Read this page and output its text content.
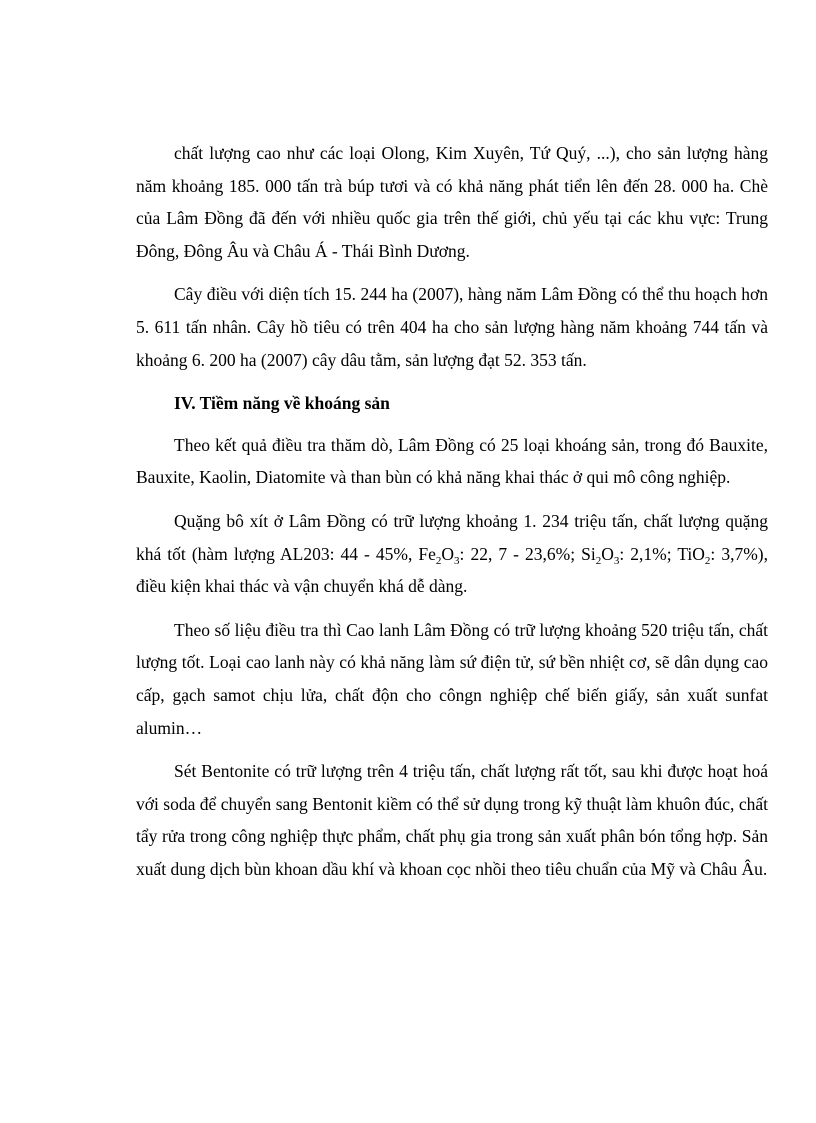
chất lượng cao như các loại Olong, Kim Xuyên, Tứ Quý, ...), cho sản lượng hàng năm khoảng 185. 000 tấn trà búp tươi và có khả năng phát tiển lên đến 28. 000 ha. Chè của Lâm Đồng đã đến với nhiều quốc gia trên thế giới, chủ yếu tại các khu vực: Trung Đông, Đông Âu và Châu Á - Thái Bình Dương.

Cây điều với diện tích 15. 244 ha (2007), hàng năm Lâm Đồng có thể thu hoạch hơn 5. 611 tấn nhân. Cây hồ tiêu có trên 404 ha cho sản lượng hàng năm khoảng 744 tấn và khoảng 6. 200 ha (2007) cây dâu tằm, sản lượng đạt 52. 353 tấn.

IV. Tiềm năng về khoáng sản

Theo kết quả điều tra thăm dò, Lâm Đồng có 25 loại khoáng sản, trong đó Bauxite, Bauxite, Kaolin, Diatomite và than bùn có khả năng khai thác ở qui mô công nghiệp.

Quặng bô xít ở Lâm Đồng có trữ lượng khoảng 1. 234 triệu tấn, chất lượng quặng khá tốt (hàm lượng AL203: 44 - 45%, $Fe_2O_3$: 22, 7 - 23,6%; $Si_2O_3$: 2,1%; TiO$_2$: 3,7%), điều kiện khai thác và vận chuyển khá dễ dàng.

Theo số liệu điều tra thì Cao lanh Lâm Đồng có trữ lượng khoảng 520 triệu tấn, chất lượng tốt. Loại cao lanh này có khả năng làm sứ điện tử, sứ bền nhiệt cơ, sẽ dân dụng cao cấp, gạch samot chịu lửa, chất độn cho côngn nghiệp chế biến giấy, sản xuất sunfat alumin…

Sét Bentonite có trữ lượng trên 4 triệu tấn, chất lượng rất tốt, sau khi được hoạt hoá với soda để chuyển sang Bentonit kiềm có thể sử dụng trong kỹ thuật làm khuôn đúc, chất tẩy rửa trong công nghiệp thực phẩm, chất phụ gia trong sản xuất phân bón tổng hợp. Sản xuất dung dịch bùn khoan dầu khí và khoan cọc nhồi theo tiêu chuẩn của Mỹ và Châu Âu.
